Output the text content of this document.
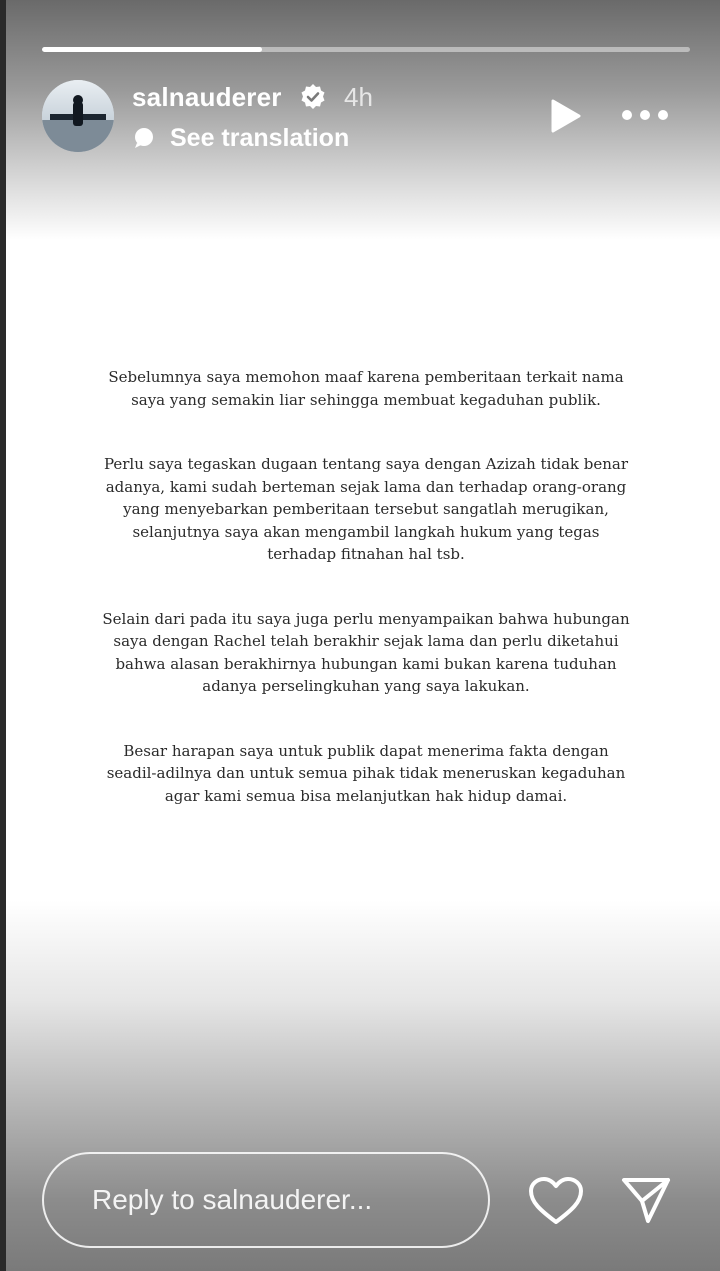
salnauderer 4h
See translation

Sebelumnya saya memohon maaf karena pemberitaan terkait nama saya yang semakin liar sehingga membuat kegaduhan publik.

Perlu saya tegaskan dugaan tentang saya dengan Azizah tidak benar adanya, kami sudah berteman sejak lama dan terhadap orang-orang yang menyebarkan pemberitaan tersebut sangatlah merugikan, selanjutnya saya akan mengambil langkah hukum yang tegas terhadap fitnahan hal tsb.

Selain dari pada itu saya juga perlu menyampaikan bahwa hubungan saya dengan Rachel telah berakhir sejak lama dan perlu diketahui bahwa alasan berakhirnya hubungan kami bukan karena tuduhan adanya perselingkuhan yang saya lakukan.

Besar harapan saya untuk publik dapat menerima fakta dengan seadil-adilnya dan untuk semua pihak tidak meneruskan kegaduhan agar kami semua bisa melanjutkan hak hidup damai.

Reply to salnauderer...
